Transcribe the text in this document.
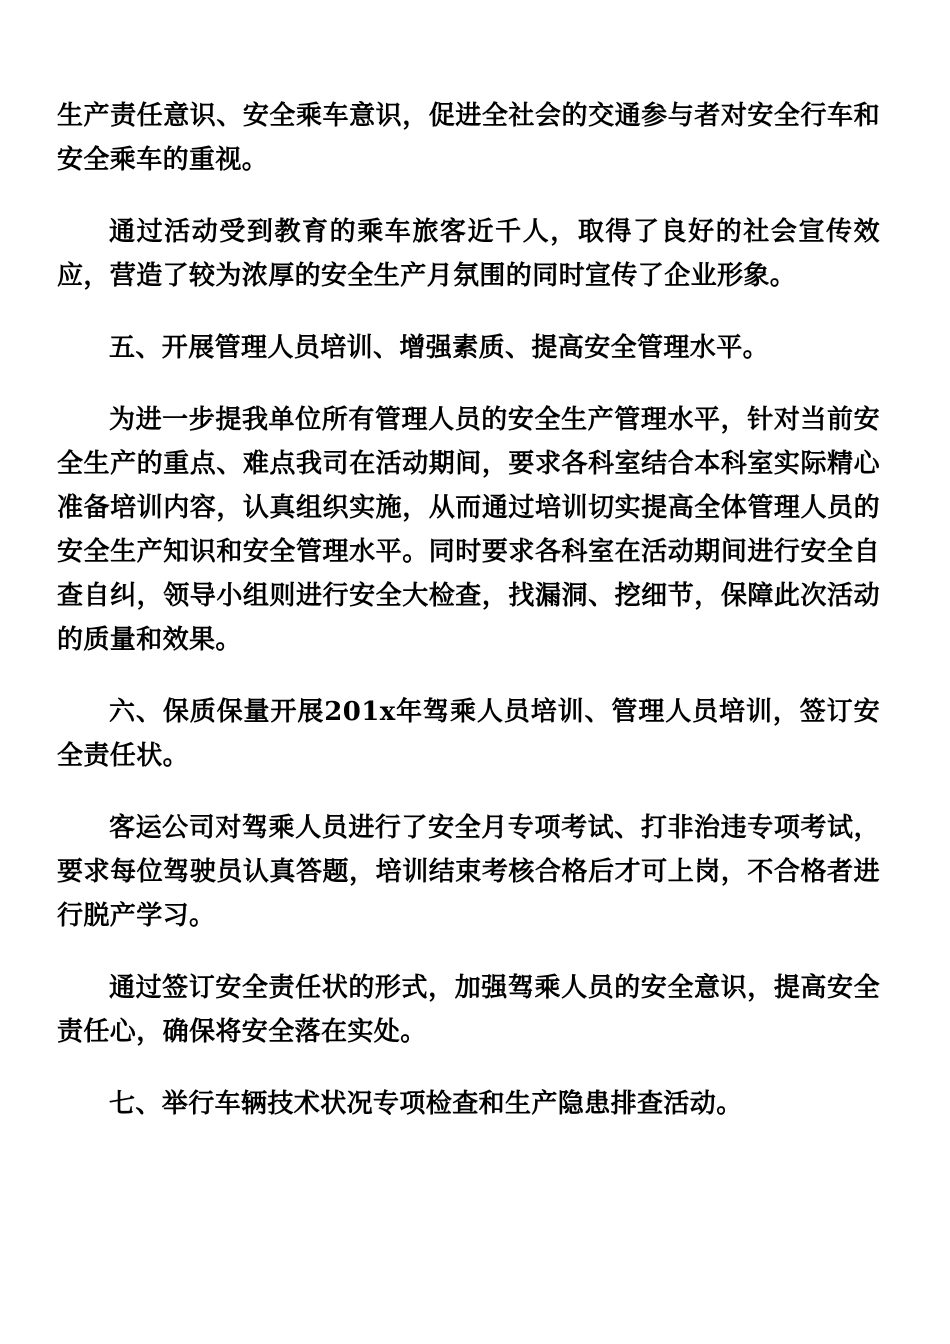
生产责任意识、安全乘车意识，促进全社会的交通参与者对安全行车和安全乘车的重视。

通过活动受到教育的乘车旅客近千人，取得了良好的社会宣传效应，营造了较为浓厚的安全生产月氛围的同时宣传了企业形象。

五、开展管理人员培训、增强素质、提高安全管理水平。

为进一步提我单位所有管理人员的安全生产管理水平，针对当前安全生产的重点、难点我司在活动期间，要求各科室结合本科室实际精心准备培训内容，认真组织实施，从而通过培训切实提高全体管理人员的安全生产知识和安全管理水平。同时要求各科室在活动期间进行安全自查自纠，领导小组则进行安全大检查，找漏洞、挖细节，保障此次活动的质量和效果。

六、保质保量开展201x年驾乘人员培训、管理人员培训，签订安全责任状。

客运公司对驾乘人员进行了安全月专项考试、打非治违专项考试，要求每位驾驶员认真答题，培训结束考核合格后才可上岗，不合格者进行脱产学习。

通过签订安全责任状的形式，加强驾乘人员的安全意识，提高安全责任心，确保将安全落在实处。

七、举行车辆技术状况专项检查和生产隐患排查活动。
